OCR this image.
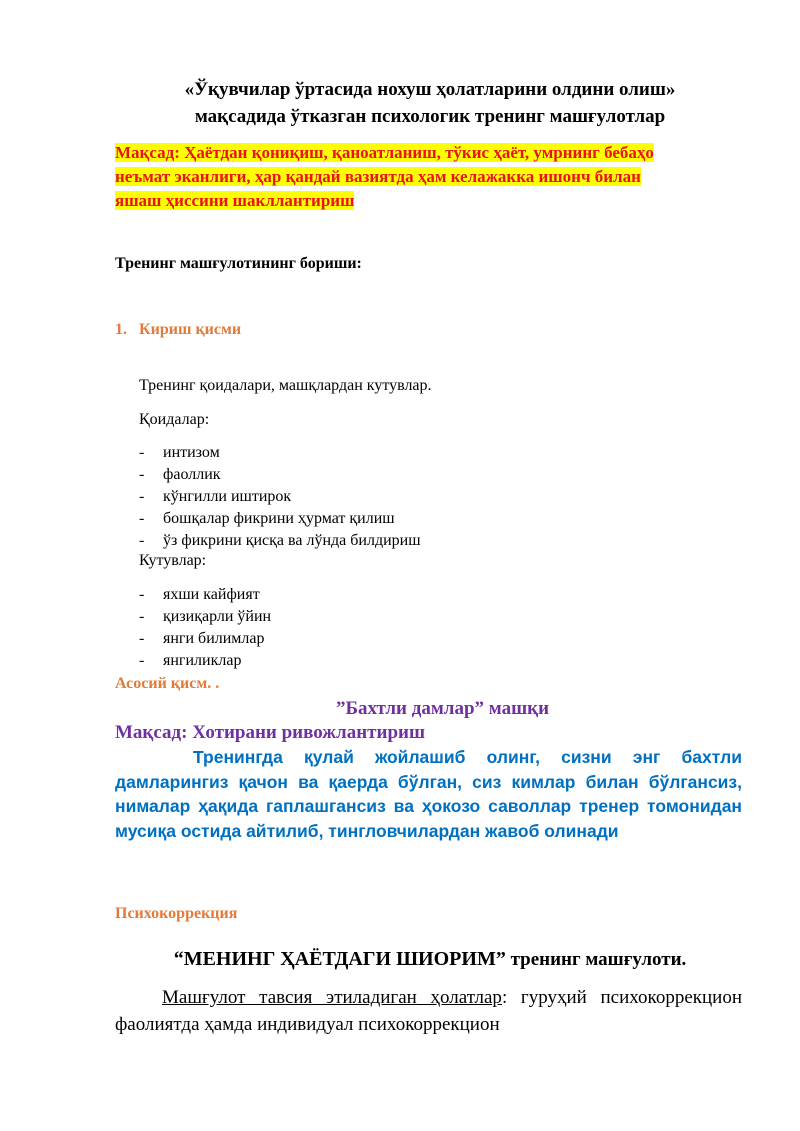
«Ўқувчилар ўртасида нохуш ҳолатларини олдини олиш»
мақсадида ўтказган психологик тренинг машғулотлар
Мақсад: Ҳаётдан қониқиш, қаноатланиш, тўкис ҳаёт, умрнинг бебаҳо
неъмат эканлиги, ҳар қандай вазиятда ҳам келажакка ишонч билан
яшаш ҳиссини шакллантириш
Тренинг машғулотининг бориши:
1. Кириш қисми
Тренинг қоидалари, машқлардан кутувлар.
Қоидалар:
- интизом
- фаоллик
- кўнгилли иштирок
- бошқалар фикрини ҳурмат қилиш
- ўз фикрини қисқа ва лўнда билдириш
Кутувлар:
- яхши кайфият
- қизиқарли ўйин
- янги билимлар
- янгиликлар
Асосий қисм. .
”Бахтли дамлар” машқи
Мақсад: Хотирани ривожлантириш
Тренингда қулай жойлашиб олинг, сизни энг бахтли дамларингиз қачон ва қаерда бўлган, сиз кимлар билан бўлгансиз, нималар ҳақида гаплашгансиз ва ҳокозо саволлар тренер томонидан мусиқа остида айтилиб, тингловчилардан жавоб олинади
Психокоррекция
“МЕНИНГ ҲАЁТДАГИ ШИОРИМ” тренинг машғулоти.
Машғулот тавсия этиладиган ҳолатлар: гуруҳий психокоррекцион фаолиятда ҳамда индивидуал психокоррекцион
